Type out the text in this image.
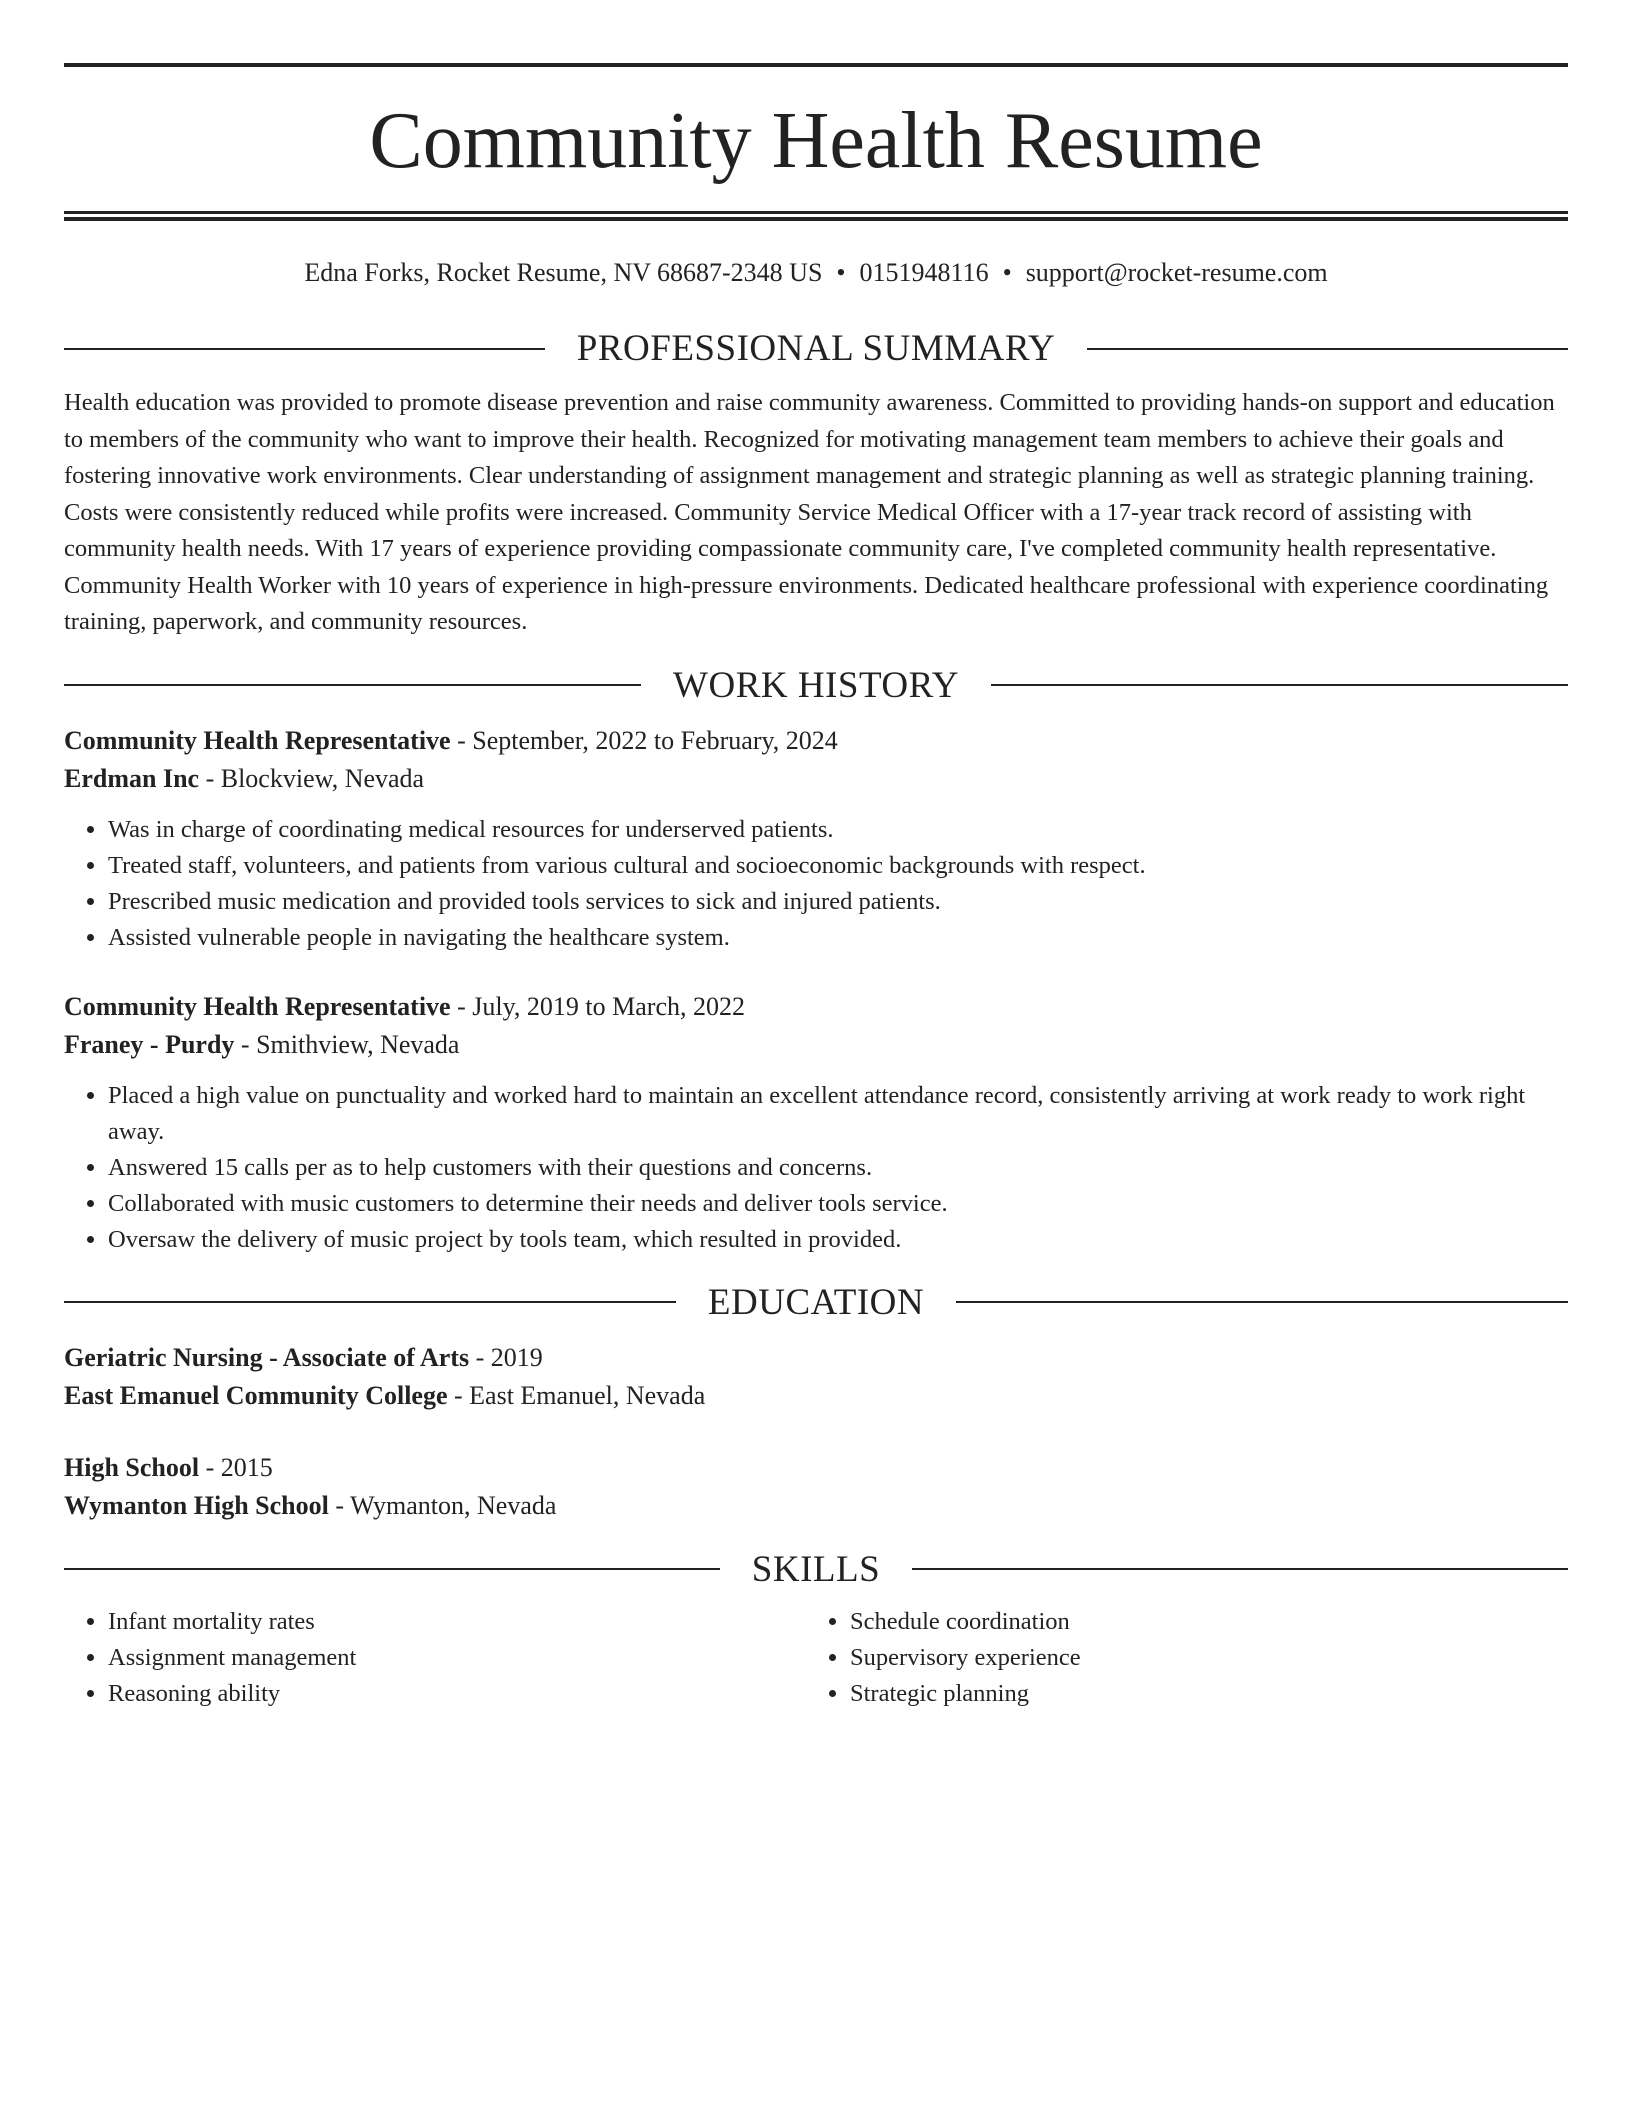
Community Health Resume
Edna Forks, Rocket Resume, NV 68687-2348 US • 0151948116 • support@rocket-resume.com
PROFESSIONAL SUMMARY

Health education was provided to promote disease prevention and raise community awareness. Committed to providing hands-on support and education to members of the community who want to improve their health. Recognized for motivating management team members to achieve their goals and fostering innovative work environments. Clear understanding of assignment management and strategic planning as well as strategic planning training. Costs were consistently reduced while profits were increased. Community Service Medical Officer with a 17-year track record of assisting with community health needs. With 17 years of experience providing compassionate community care, I've completed community health representative. Community Health Worker with 10 years of experience in high-pressure environments. Dedicated healthcare professional with experience coordinating training, paperwork, and community resources.

WORK HISTORY
Community Health Representative - September, 2022 to February, 2024
Erdman Inc - Blockview, Nevada
• Was in charge of coordinating medical resources for underserved patients.
• Treated staff, volunteers, and patients from various cultural and socioeconomic backgrounds with respect.
• Prescribed music medication and provided tools services to sick and injured patients.
• Assisted vulnerable people in navigating the healthcare system.
Community Health Representative - July, 2019 to March, 2022
Franey - Purdy - Smithview, Nevada
• Placed a high value on punctuality and worked hard to maintain an excellent attendance record, consistently arriving at work ready to work right away.
• Answered 15 calls per as to help customers with their questions and concerns.
• Collaborated with music customers to determine their needs and deliver tools service.
• Oversaw the delivery of music project by tools team, which resulted in provided.
EDUCATION
Geriatric Nursing - Associate of Arts - 2019
East Emanuel Community College - East Emanuel, Nevada
High School - 2015
Wymanton High School - Wymanton, Nevada
SKILLS
• Infant mortality rates
• Assignment management
• Reasoning ability
• Schedule coordination
• Supervisory experience
• Strategic planning
